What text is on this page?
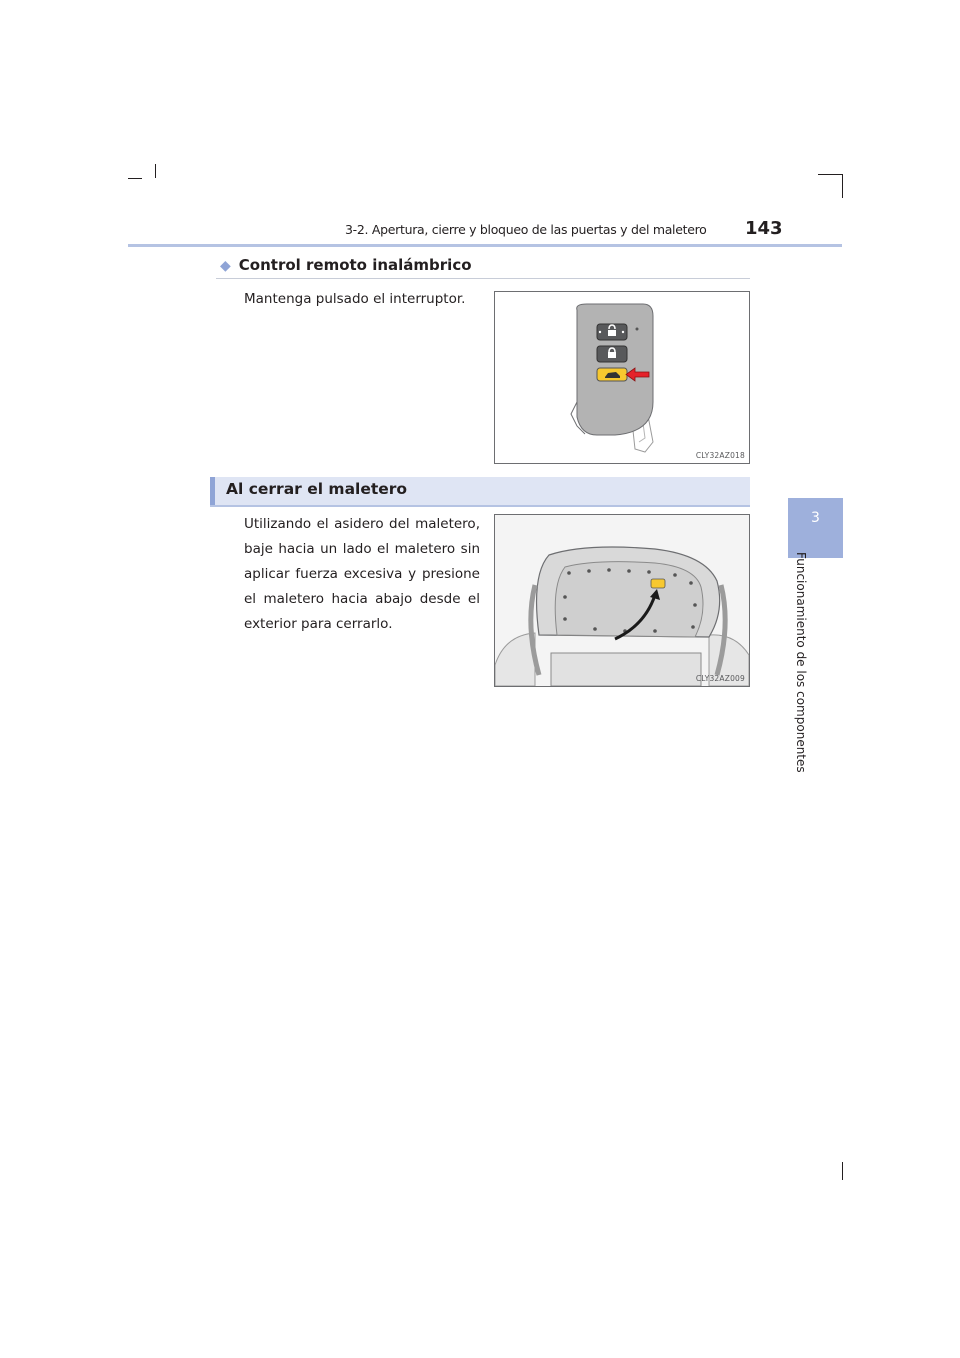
3-2. Apertura, cierre y bloqueo de las puertas y del maletero 143
3
Funcionamiento de los componentes
◆ Control remoto inalámbrico
Mantenga pulsado el interruptor.
CLY32AZ018
Al cerrar el maletero
Utilizando el asidero del maletero, baje hacia un lado el maletero sin aplicar fuerza excesiva y presione el maletero hacia abajo desde el exterior para cerrarlo.
CLY32AZ009
